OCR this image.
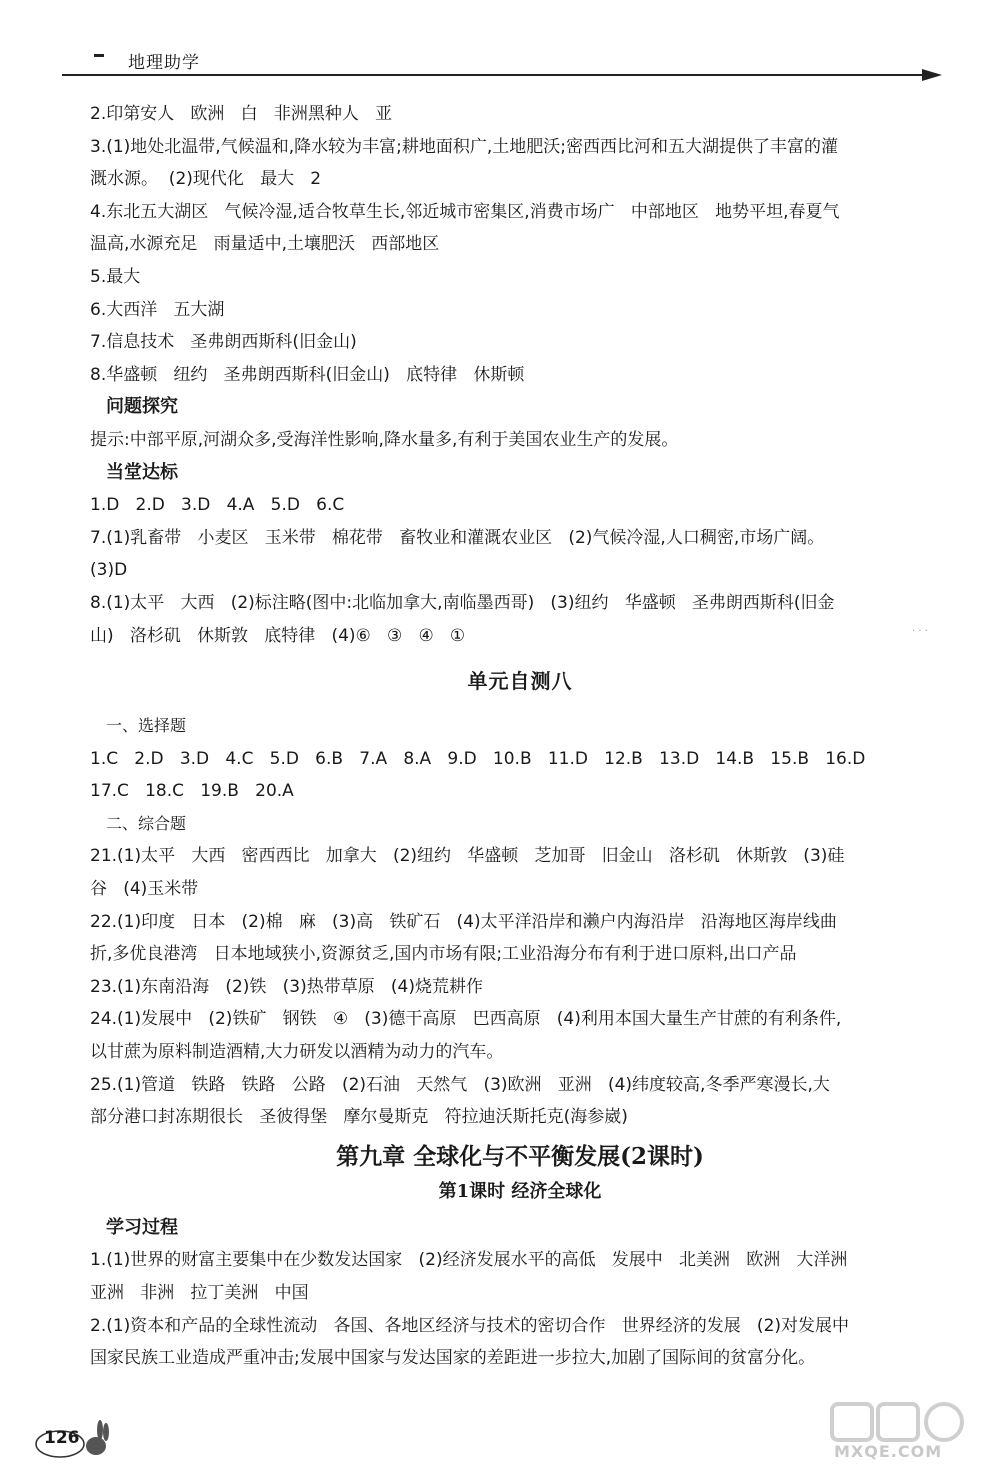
地理助学

2.印第安人   欧洲   白   非洲黑种人   亚

3.(1)地处北温带,气候温和,降水较为丰富;耕地面积广,土地肥沃;密西西比河和五大湖提供了丰富的灌

溉水源。  (2)现代化   最大   2

4.东北五大湖区   气候冷湿,适合牧草生长,邻近城市密集区,消费市场广   中部地区   地势平坦,春夏气

温高,水源充足   雨量适中,土壤肥沃   西部地区

5.最大

6.大西洋   五大湖

7.信息技术   圣弗朗西斯科(旧金山)

8.华盛顿   纽约   圣弗朗西斯科(旧金山)   底特律   休斯顿

问题探究

提示:中部平原,河湖众多,受海洋性影响,降水量多,有利于美国农业生产的发展。

当堂达标

1.D   2.D   3.D   4.A   5.D   6.C

7.(1)乳畜带   小麦区   玉米带   棉花带   畜牧业和灌溉农业区   (2)气候冷湿,人口稠密,市场广阔。

(3)D

8.(1)太平   大西   (2)标注略(图中:北临加拿大,南临墨西哥)   (3)纽约   华盛顿   圣弗朗西斯科(旧金

山)   洛杉矶   休斯敦   底特律   (4)⑥   ③   ④   ①

单元自测八

一、选择题

1.C   2.D   3.D   4.C   5.D   6.B   7.A   8.A   9.D   10.B   11.D   12.B   13.D   14.B   15.B   16.D

17.C   18.C   19.B   20.A

二、综合题

21.(1)太平   大西   密西西比   加拿大   (2)纽约   华盛顿   芝加哥   旧金山   洛杉矶   休斯敦   (3)硅

谷   (4)玉米带

22.(1)印度   日本   (2)棉   麻   (3)高   铁矿石   (4)太平洋沿岸和濑户内海沿岸   沿海地区海岸线曲

折,多优良港湾   日本地域狭小,资源贫乏,国内市场有限;工业沿海分布有利于进口原料,出口产品

23.(1)东南沿海   (2)铁   (3)热带草原   (4)烧荒耕作

24.(1)发展中   (2)铁矿   钢铁   ④   (3)德干高原   巴西高原   (4)利用本国大量生产甘蔗的有利条件,

以甘蔗为原料制造酒精,大力研发以酒精为动力的汽车。

25.(1)管道   铁路   铁路   公路   (2)石油   天然气   (3)欧洲   亚洲   (4)纬度较高,冬季严寒漫长,大

部分港口封冻期很长   圣彼得堡   摩尔曼斯克   符拉迪沃斯托克(海参崴)

第九章 全球化与不平衡发展(2课时)

第1课时 经济全球化

学习过程

1.(1)世界的财富主要集中在少数发达国家   (2)经济发展水平的高低   发展中   北美洲   欧洲   大洋洲

亚洲   非洲   拉丁美洲   中国

2.(1)资本和产品的全球性流动   各国、各地区经济与技术的密切合作   世界经济的发展   (2)对发展中

国家民族工业造成严重冲击;发展中国家与发达国家的差距进一步拉大,加剧了国际间的贫富分化。

· · ·
126
MXQE.COM
